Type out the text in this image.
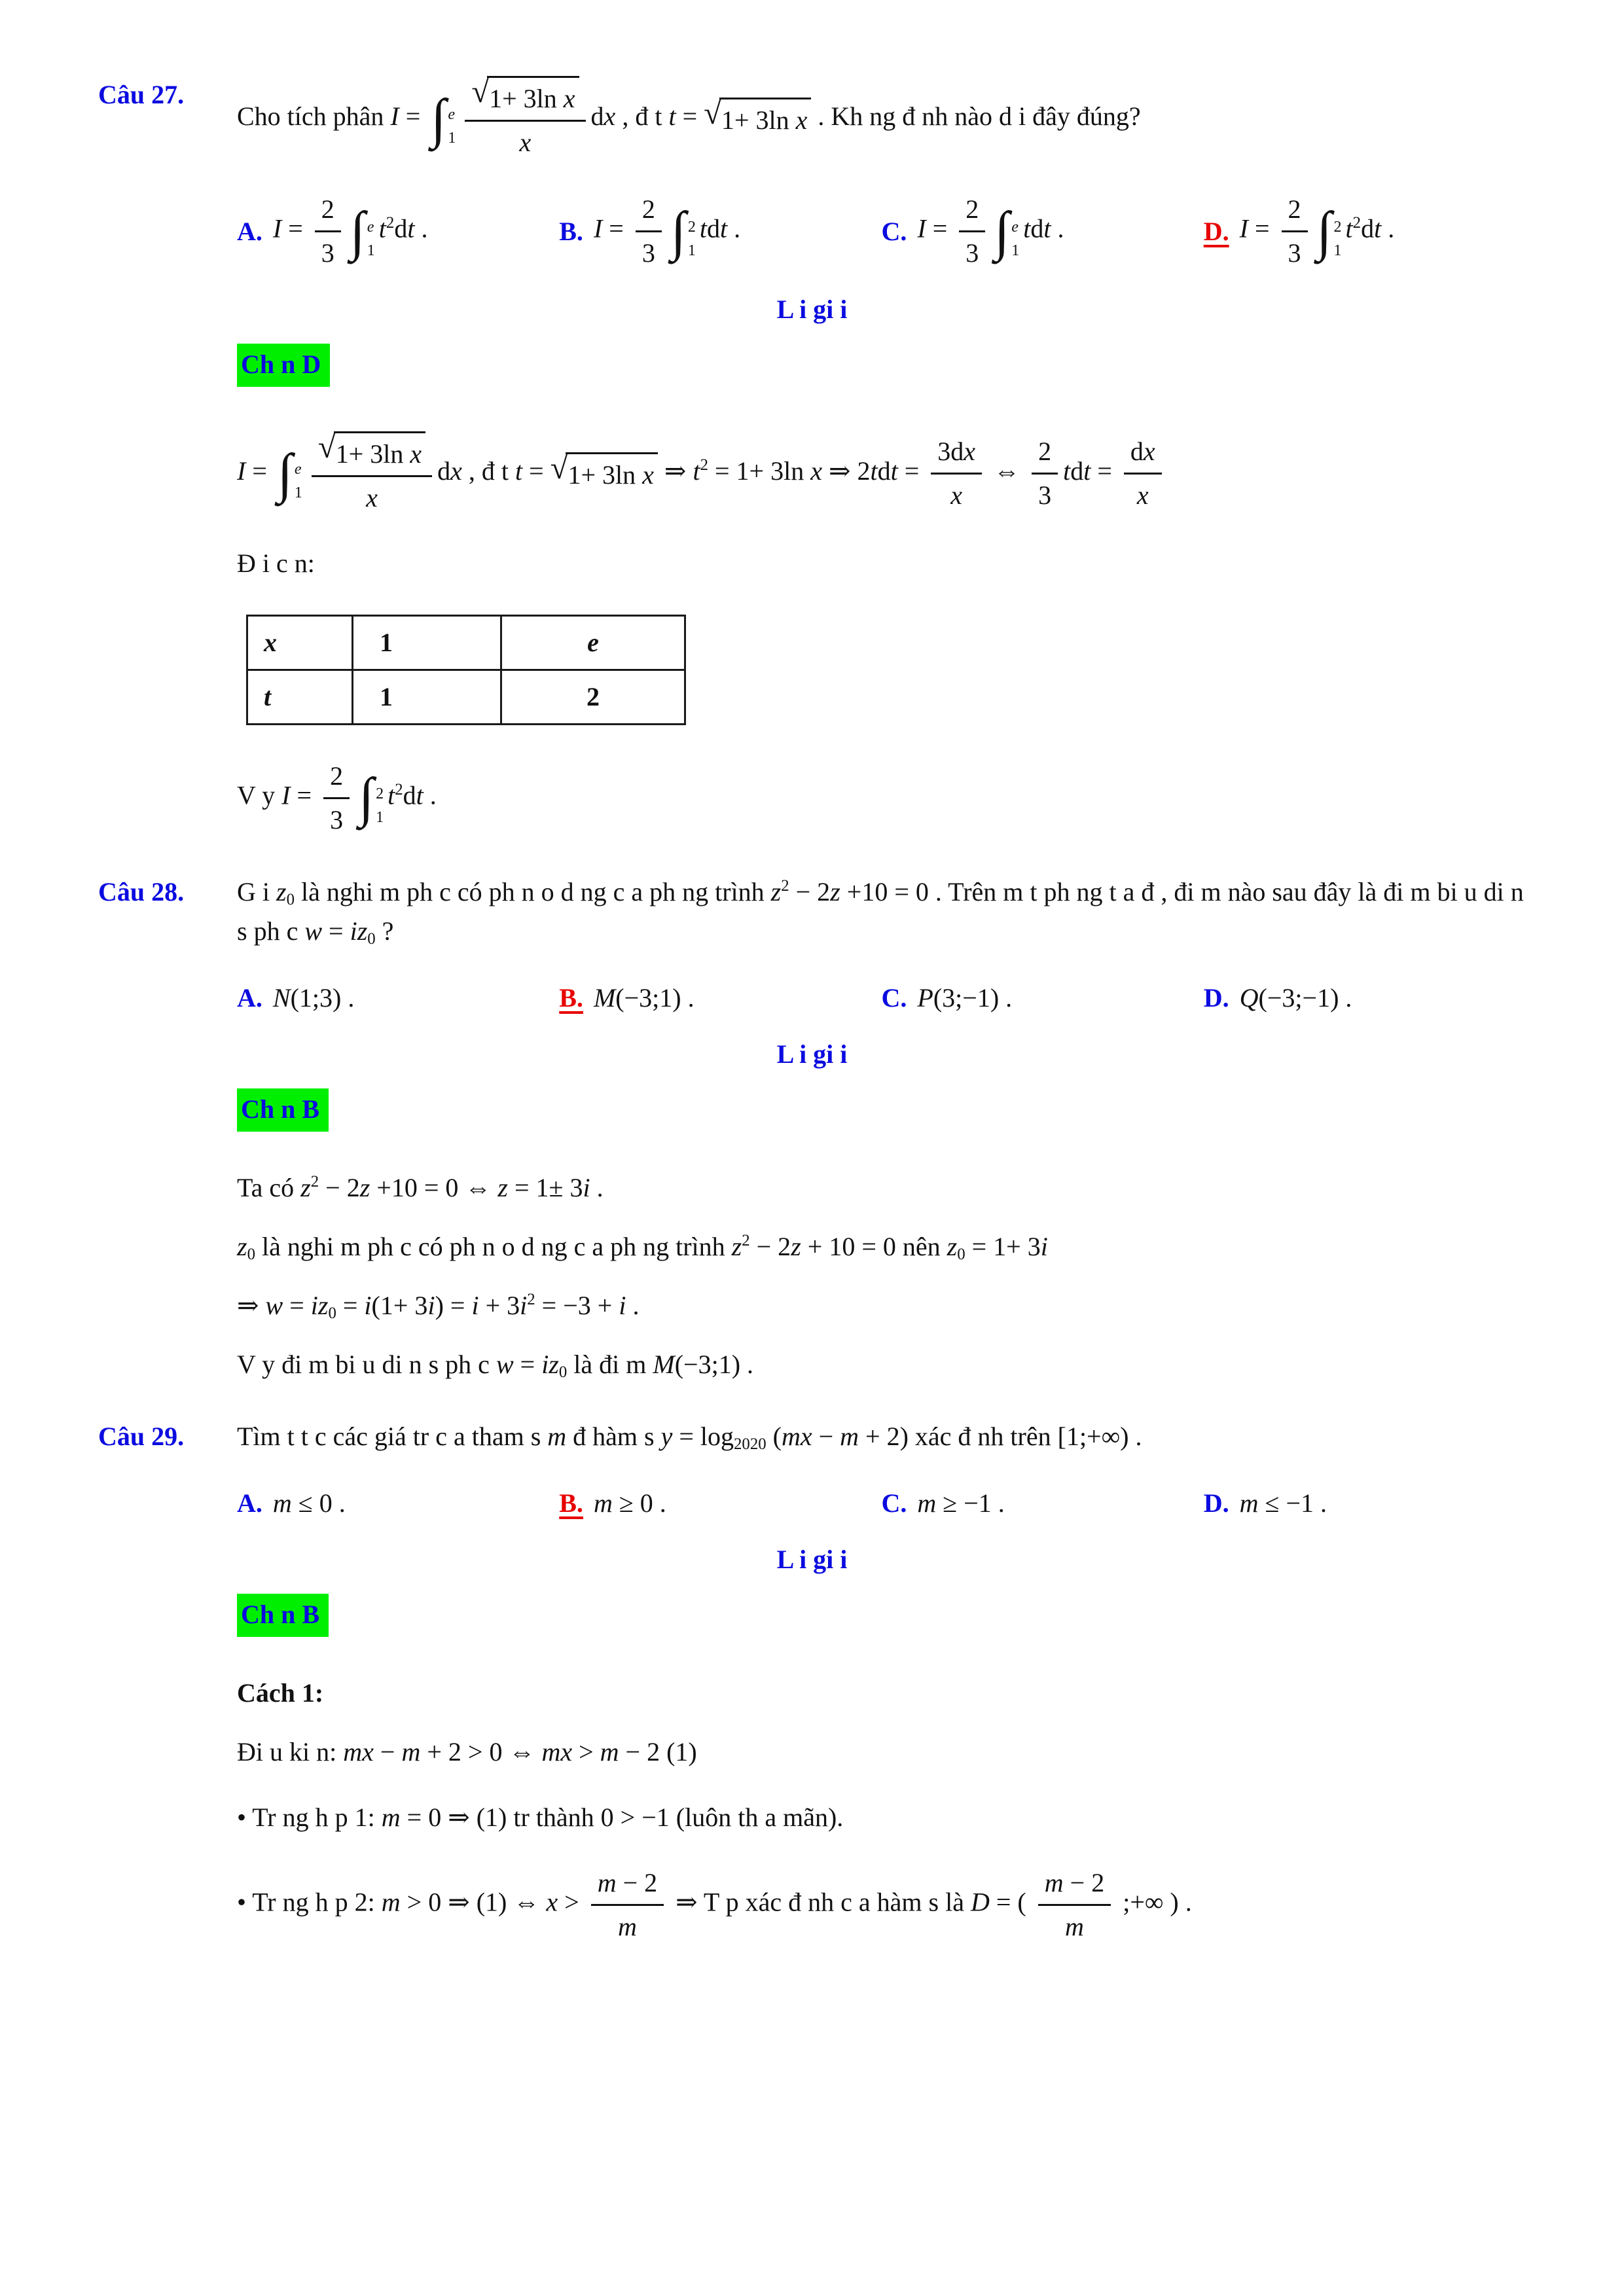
Câu 27.
Cho tích phân I = ∫ e
$1 \frac{\text{√ 1+ 3ln x}}{x}$ dx , đ t t = √ 1+ 3ln x . Kh ng đ nh nào d i đây đúng?
A. $I = \frac{2}{3}$ ∫ e
1
$t^2dt$ .	B. $I = \frac{2}{3}$ ∫ 2
1
tdt .	C. $I = \frac{2}{3}$ ∫ e
1
tdt .	D. $I = \frac{2}{3}$ ∫ 2
1
$t^2dt$ .
L i gi i
Ch n D
I = ∫ e
$1 \frac{\text{√ 1+ 3ln x}}{x}$ dx , đ t t = √ 1+ 3ln x ⇒ $t^2 = 1+ 3\ln$ x ⇒ $2tdt = \frac{3dx}{x}$ ⇔ $\frac{2}{3}$ tdt = $\frac{dx}{x}$
Đ i c n:
x	1	e
t	1	2
V y $I = \frac{2}{3}$ ∫ 2
1
$t^2dt$ .
Câu 28.	G i $z_0$ là nghi m ph c có ph n o d ng c a ph ng trình $z^2 - 2z +10 = 0$ . Trên m t ph ng t a đ , đi m nào sau đây là đi m bi u di n s ph c $w = iz_0$ ?
A. N(1;3) .	B. M(−3;1) .	C. P(3;−1) .	D. Q(−3;−1) .
L i gi i
Ch n B
Ta có $z^2 - 2z +10 = 0$ ⇔ z = 1± 3i .
$z_0$ là nghi m ph c có ph n o d ng c a ph ng trình $z^2 - 2z + 10 = 0$ nên $z_0 = 1+ 3i$
⇒ $w = iz_0 = i(1+ 3i) = i + 3i^2 = -3 + i$ .
V y đi m bi u di n s ph c $w = iz_0$ là đi m M(−3;1) .
Câu 29.	Tìm t t c các giá tr c a tham s m đ hàm s $y = \log_{2020} (mx - m + 2)$ xác đ nh trên [1;+∞) .
A. m ≤ 0 .	B. m ≥ 0 .	C. m ≥ −1 .	D. m ≤ −1 .
L i gi i
Ch n B
Cách 1:
Đi u ki n: mx − m + 2 > 0 ⇔ mx > m − 2 (1)
• Tr ng h p 1: m = 0 ⇒ (1) tr thành 0 > −1 (luôn th a mãn).
• Tr ng h p 2: m > 0 ⇒ (1) ⇔ $x > \frac{m - 2}{m}$ ⇒ T p xác đ nh c a hàm s là D = ( $\frac{m - 2}{m}$ ;+∞ ) .
